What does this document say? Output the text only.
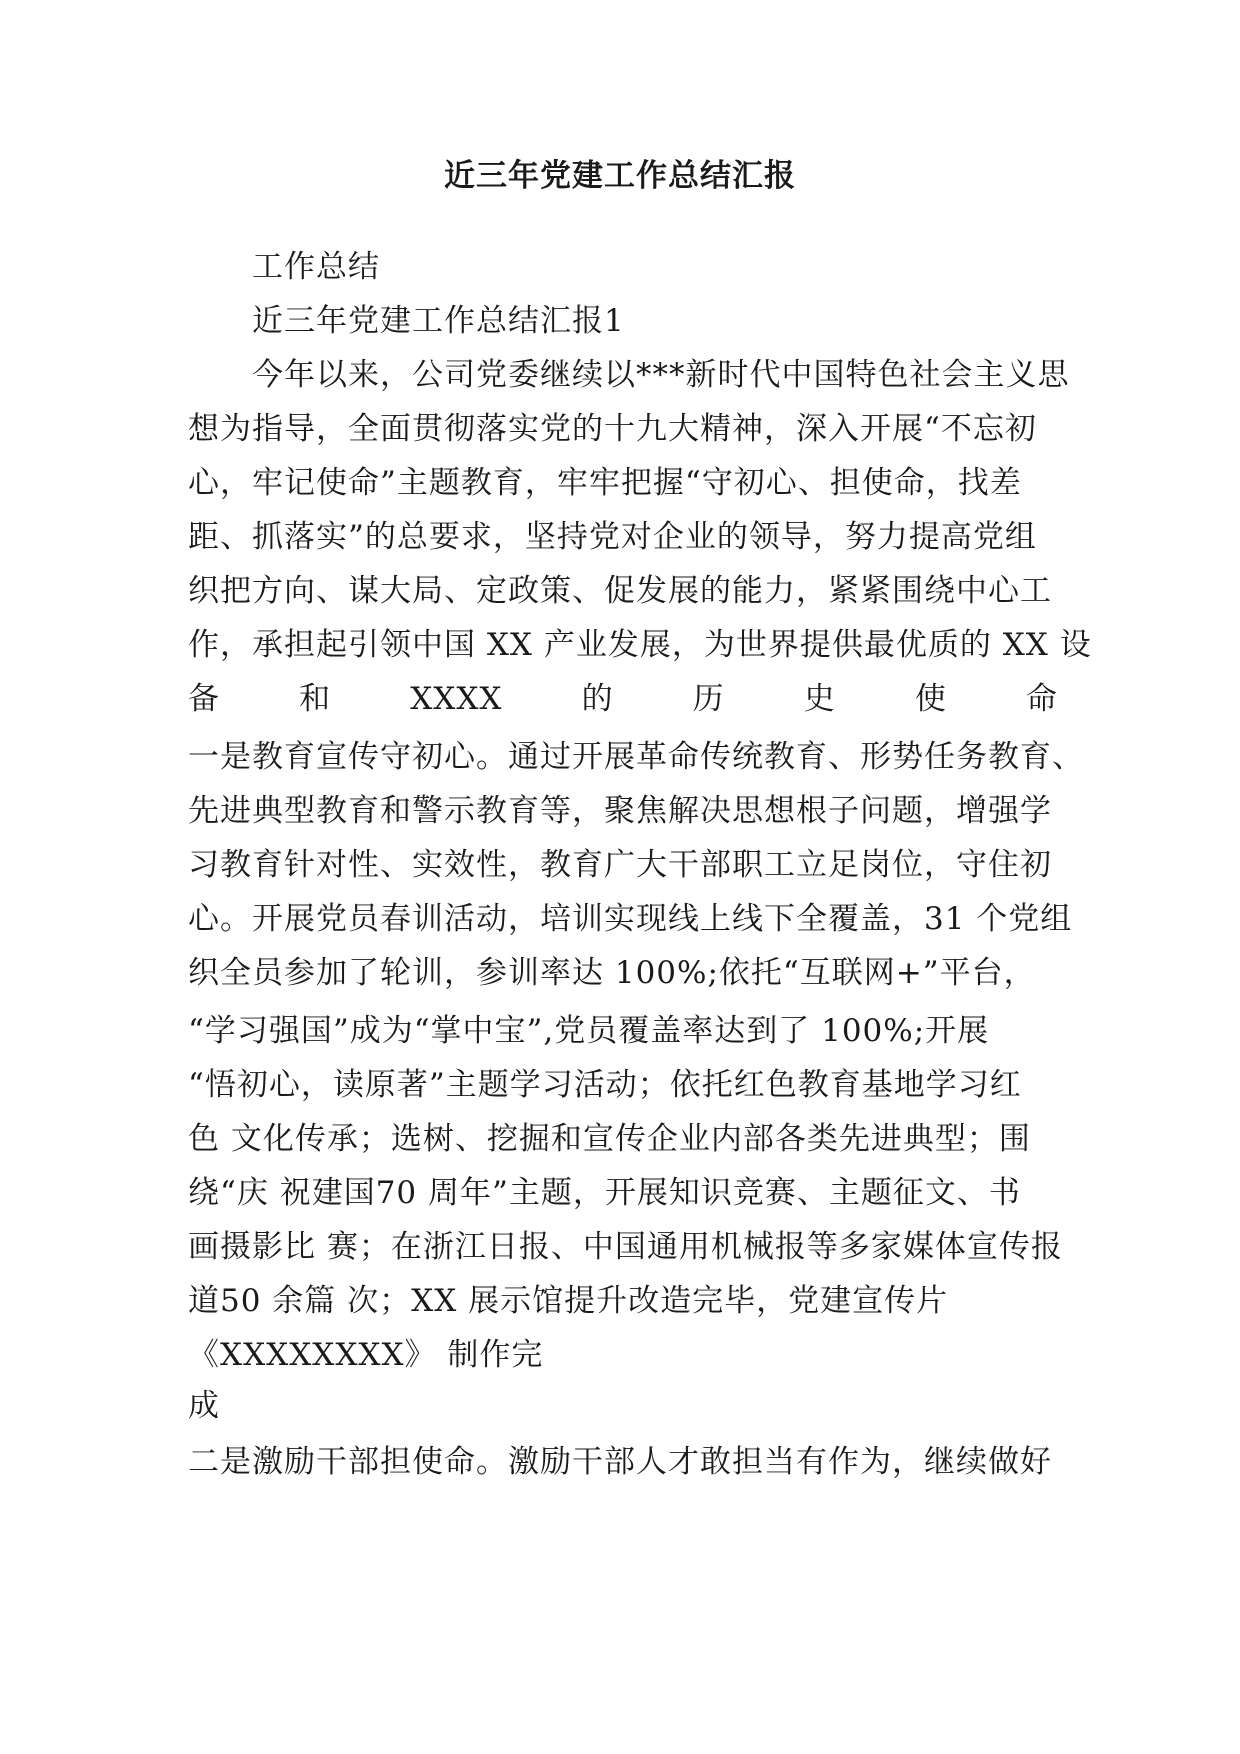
近三年党建工作总结汇报
工作总结
近三年党建工作总结汇报1
今年以来，公司党委继续以***新时代中国特色社会主义思
想为指导，全面贯彻落实党的十九大精神，深入开展“不忘初
心，牢记使命”主题教育，牢牢把握“守初心、担使命，找差
距、抓落实”的总要求，坚持党对企业的领导，努力提高党组
织把方向、谋大局、定政策、促发展的能力，紧紧围绕中心工
作，承担起引领中国 XX 产业发展，为世界提供最优质的 XX 设
备	和	XXXX	的	历	史	使	命
一是教育宣传守初心。通过开展革命传统教育、形势任务教育、
先进典型教育和警示教育等，聚焦解决思想根子问题，增强学
习教育针对性、实效性，教育广大干部职工立足岗位，守住初
心。开展党员春训活动，培训实现线上线下全覆盖，31 个党组
织全员参加了轮训，参训率达 100%;依托“互联网+”平台，
“学习强国”成为“掌中宝”,党员覆盖率达到了 100%;开展
“悟初心，读原著”主题学习活动；依托红色教育基地学习红
色 文化传承；选树、挖掘和宣传企业内部各类先进典型；围
绕“庆 祝建国70 周年”主题，开展知识竞赛、主题征文、书
画摄影比 赛；在浙江日报、中国通用机械报等多家媒体宣传报
道50 余篇 次；XX 展示馆提升改造完毕，党建宣传片
《XXXXXXXX》 制作完
成
二是激励干部担使命。激励干部人才敢担当有作为，继续做好
